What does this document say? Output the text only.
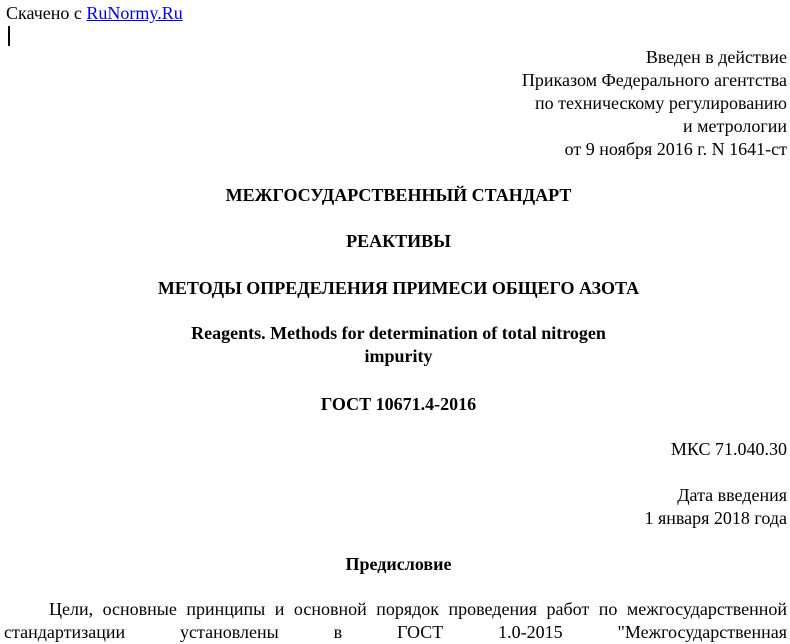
Скачено с RuNormy.Ru
Введен в действие
Приказом Федерального агентства
по техническому регулированию
и метрологии
от 9 ноября 2016 г. N 1641-ст
МЕЖГОСУДАРСТВЕННЫЙ СТАНДАРТ
РЕАКТИВЫ
МЕТОДЫ ОПРЕДЕЛЕНИЯ ПРИМЕСИ ОБЩЕГО АЗОТА
Reagents. Methods for determination of total nitrogen
impurity
ГОСТ 10671.4-2016
МКС 71.040.30
Дата введения
1 января 2018 года
Предисловие
Цели, основные принципы и основной порядок проведения работ по межгосударственной стандартизации установлены в ГОСТ 1.0-2015 "Межгосударственная
